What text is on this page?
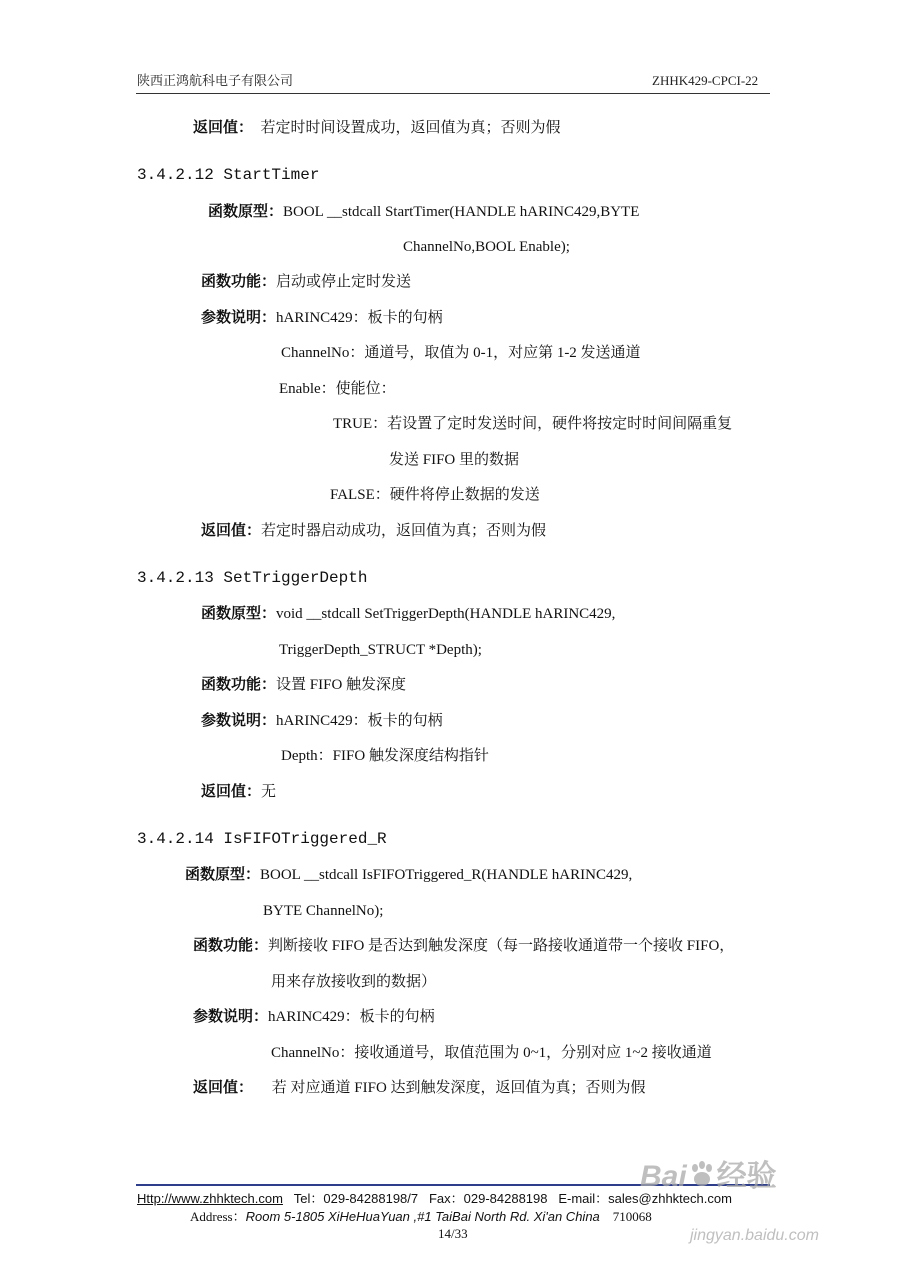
陕西正鸿航科电子有限公司	ZHHK429-CPCI-22
返回值： 若定时时间设置成功，返回值为真；否则为假
3.4.2.12 StartTimer
函数原型：BOOL __stdcall StartTimer(HANDLE hARINC429,BYTE
ChannelNo,BOOL Enable);
函数功能：启动或停止定时发送
参数说明：hARINC429：板卡的句柄
ChannelNo：通道号，取值为 0-1，对应第 1-2 发送通道
Enable：使能位：
TRUE：若设置了定时发送时间，硬件将按定时时间间隔重复
发送 FIFO 里的数据
FALSE：硬件将停止数据的发送
返回值：若定时器启动成功，返回值为真；否则为假
3.4.2.13 SetTriggerDepth
函数原型：void __stdcall SetTriggerDepth(HANDLE hARINC429,
TriggerDepth_STRUCT *Depth);
函数功能：设置 FIFO 触发深度
参数说明：hARINC429：板卡的句柄
Depth：FIFO 触发深度结构指针
返回值：无
3.4.2.14 IsFIFOTriggered_R
函数原型：BOOL __stdcall IsFIFOTriggered_R(HANDLE hARINC429,
BYTE ChannelNo);
函数功能：判断接收 FIFO 是否达到触发深度（每一路接收通道带一个接收 FIFO，
用来存放接收到的数据）
参数说明：hARINC429：板卡的句柄
ChannelNo：接收通道号，取值范围为 0~1，分别对应 1~2 接收通道
返回值： 若 对应通道 FIFO 达到触发深度，返回值为真；否则为假
Http://www.zhhktech.com Tel：029-84288198/7 Fax：029-84288198 E-mail：sales@zhhktech.com
Address：Room 5-1805 XiHeHuaYuan ,#1 TaiBai North Rd. Xi'an China 710068
14/33
Bai 经验
jingyan.baidu.com
